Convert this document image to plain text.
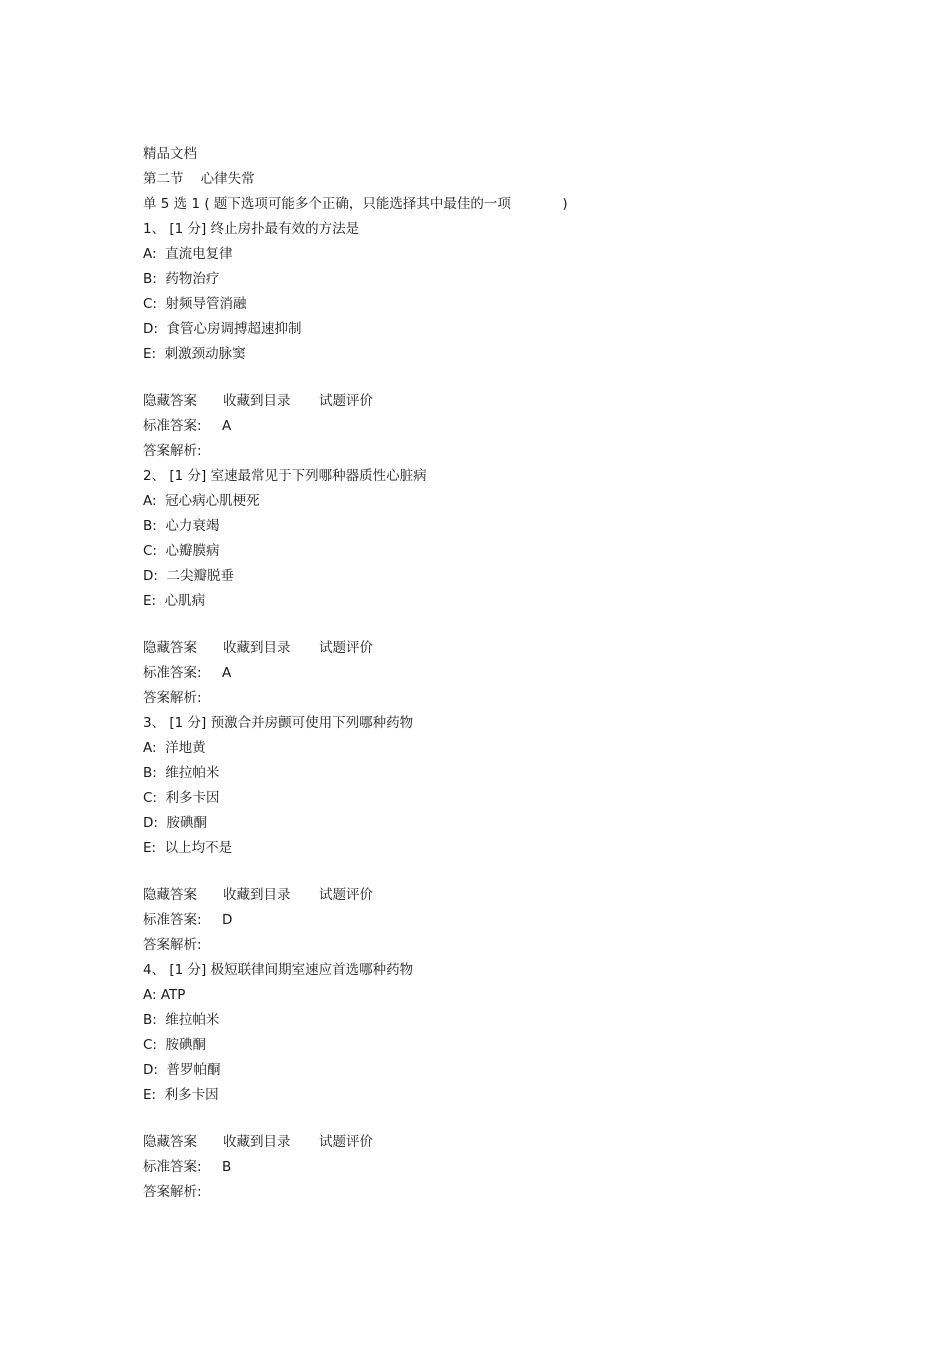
精品文档
第二节    心律失常
单 5 选 1 ( 题下选项可能多个正确，只能选择其中最佳的一项            )
1、 [1 分] 终止房扑最有效的方法是
A:  直流电复律
B:  药物治疗
C:  射频导管消融
D:  食管心房调搏超速抑制
E:  刺激颈动脉窦
隐藏答案 收藏到目录 试题评价
标准答案: A
答案解析:
2、 [1 分] 室速最常见于下列哪种器质性心脏病
A:  冠心病心肌梗死
B:  心力衰竭
C:  心瓣膜病
D:  二尖瓣脱垂
E:  心肌病
隐藏答案 收藏到目录 试题评价
标准答案: A
答案解析:
3、 [1 分] 预激合并房颤可使用下列哪种药物
A:  洋地黄
B:  维拉帕米
C:  利多卡因
D:  胺碘酮
E:  以上均不是
隐藏答案 收藏到目录 试题评价
标准答案: D
答案解析:
4、 [1 分] 极短联律间期室速应首选哪种药物
A: ATP
B:  维拉帕米
C:  胺碘酮
D:  普罗帕酮
E:  利多卡因
隐藏答案 收藏到目录 试题评价
标准答案: B
答案解析:
